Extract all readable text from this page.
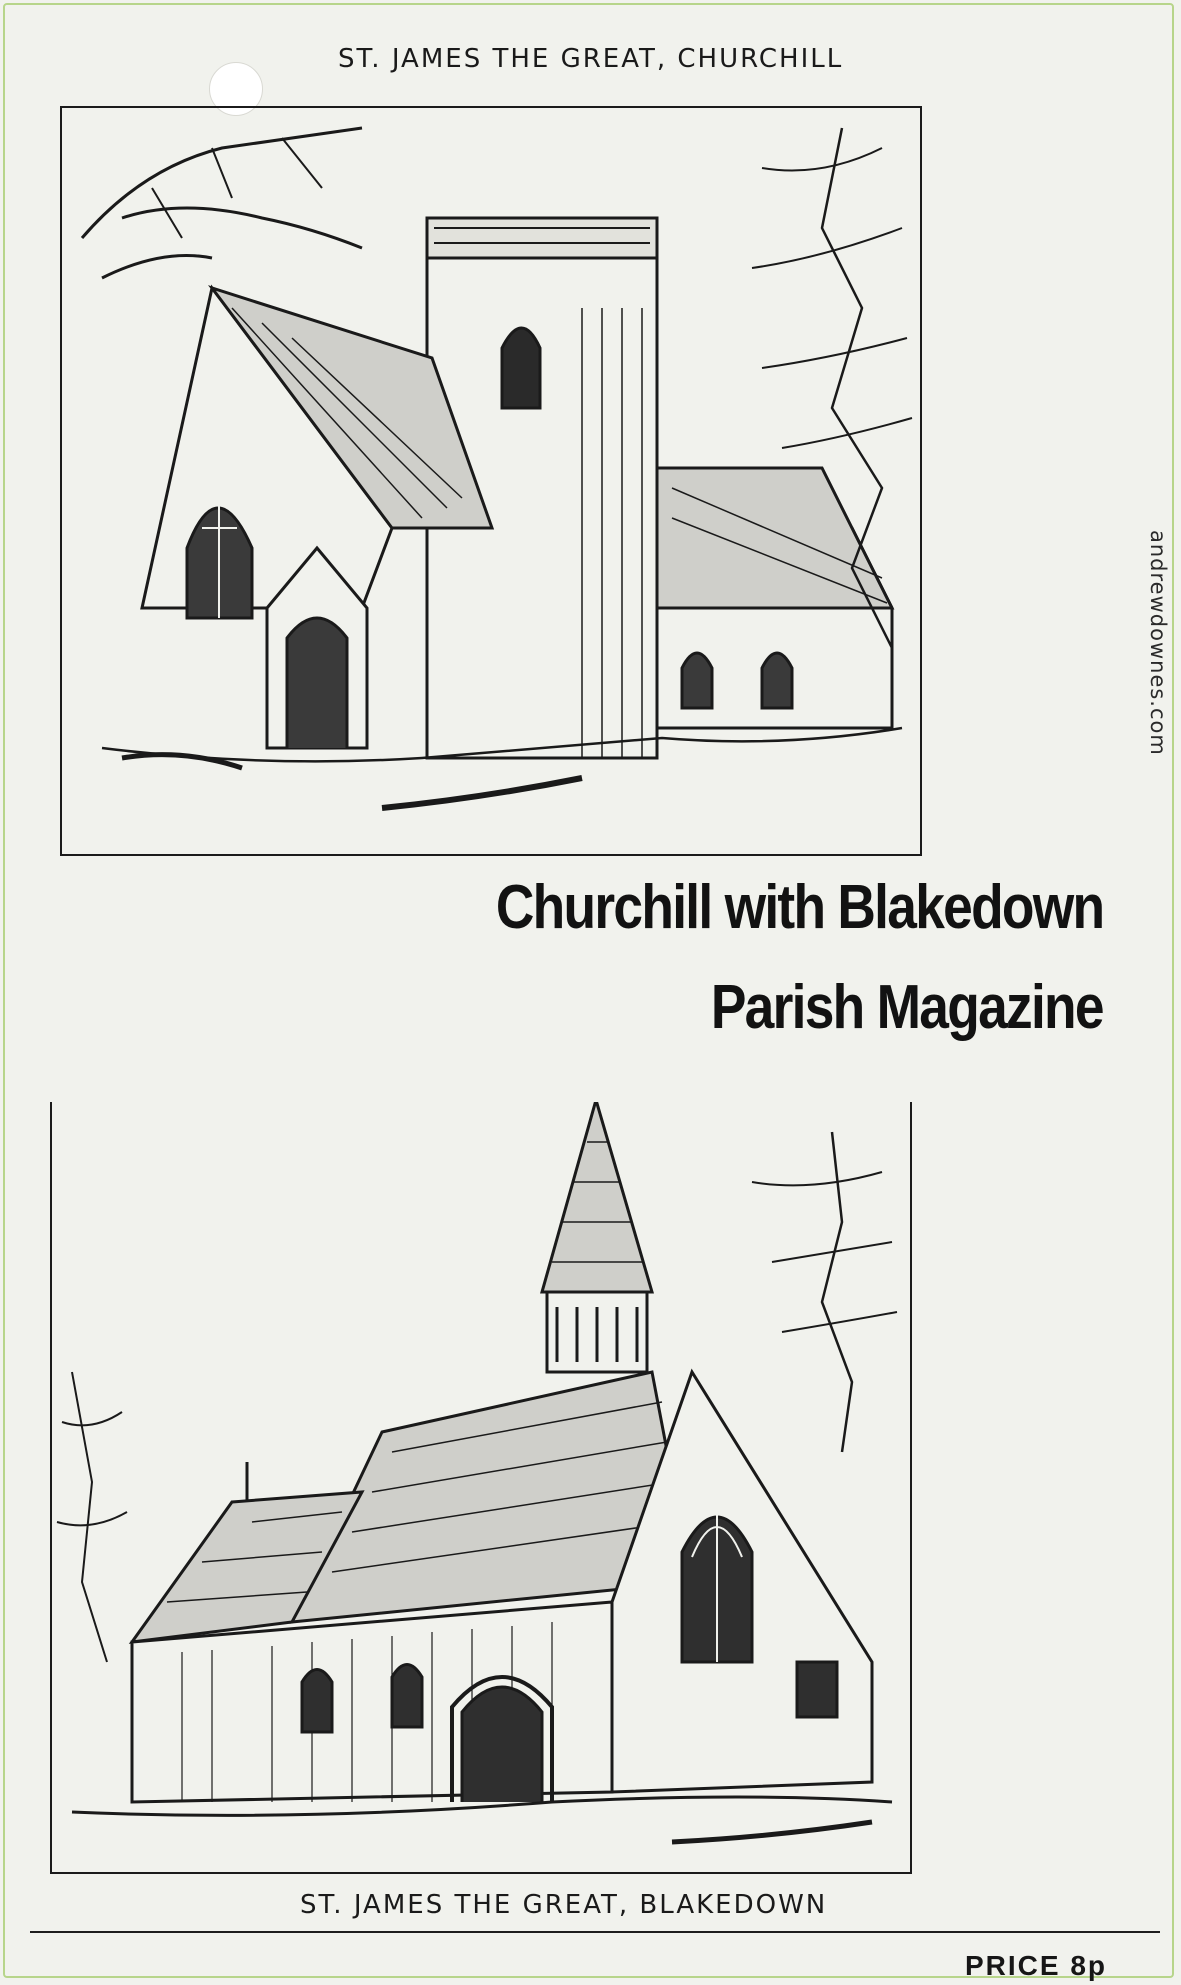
ST. JAMES THE GREAT, CHURCHILL
Churchill with Blakedown
Parish Magazine
ST. JAMES THE GREAT, BLAKEDOWN
PRICE 8p
andrewdownes.com
